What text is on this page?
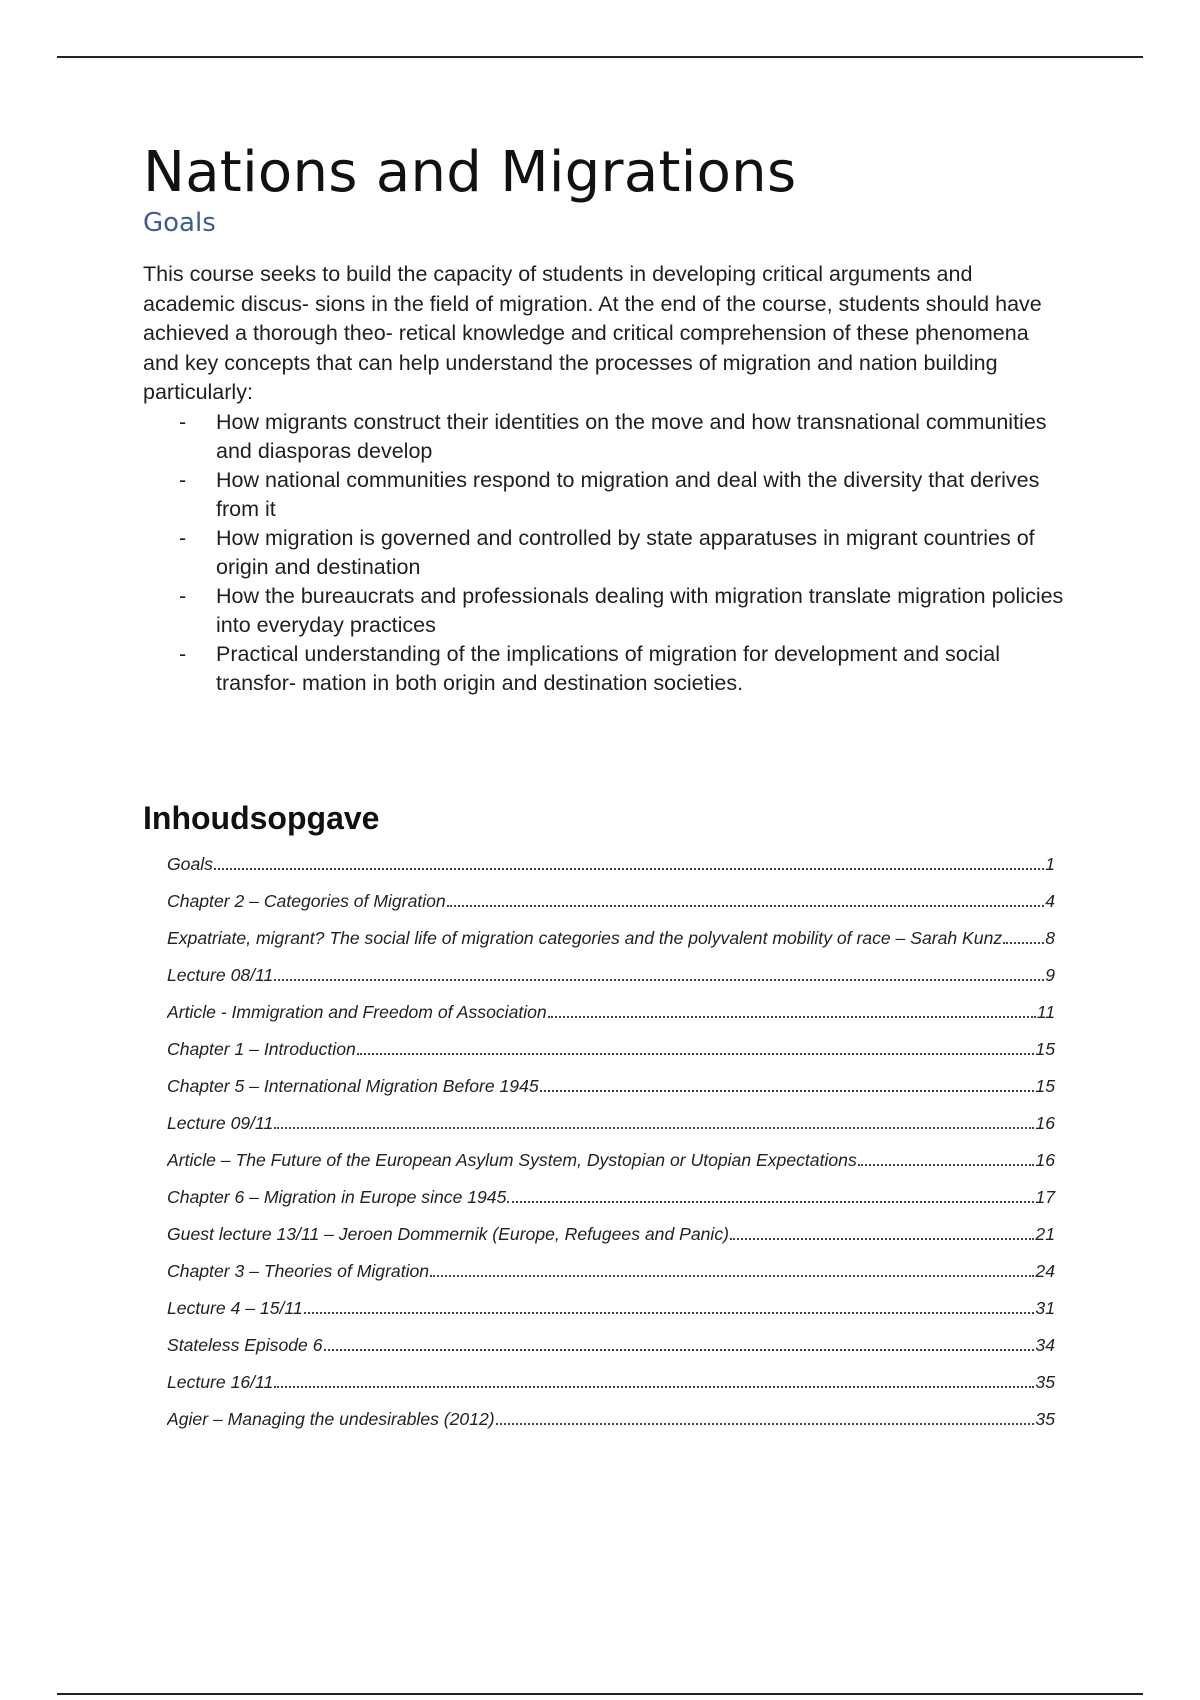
Nations and Migrations
Goals

This course seeks to build the capacity of students in developing critical arguments and academic discus- sions in the field of migration. At the end of the course, students should have achieved a thorough theo- retical knowledge and critical comprehension of these phenomena and key concepts that can help understand the processes of migration and nation building particularly:

- How migrants construct their identities on the move and how transnational communities and diasporas develop
- How national communities respond to migration and deal with the diversity that derives from it
- How migration is governed and controlled by state apparatuses in migrant countries of origin and destination
- How the bureaucrats and professionals dealing with migration translate migration policies into everyday practices
- Practical understanding of the implications of migration for development and social transfor- mation in both origin and destination societies.
Inhoudsopgave
Goals	1
Chapter 2 – Categories of Migration	4
Expatriate, migrant? The social life of migration categories and the polyvalent mobility of race – Sarah Kunz 8
Lecture 08/11	9
Article - Immigration and Freedom of Association	11
Chapter 1 – Introduction	15
Chapter 5 – International Migration Before 1945	15
Lecture 09/11	16
Article – The Future of the European Asylum System, Dystopian or Utopian Expectations	16
Chapter 6 – Migration in Europe since 1945	17
Guest lecture 13/11 – Jeroen Dommernik (Europe, Refugees and Panic)	21
Chapter 3 – Theories of Migration	24
Lecture 4 – 15/11	31
Stateless Episode 6	34
Lecture 16/11	35
Agier – Managing the undesirables (2012)	35
